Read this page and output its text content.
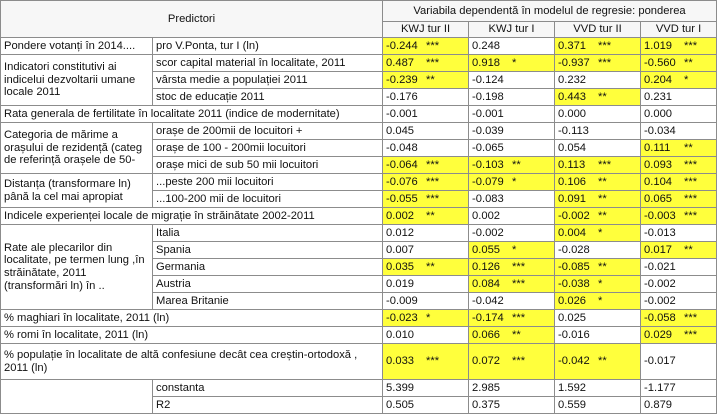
Predictori		Variabila dependentă în modelul de regresie: ponderea			
		KWJ tur II	KWJ tur I	VVD tur II	VVD tur I
Pondere votanți în 2014....	pro V.Ponta, tur I (ln)	-0.244 ***	0.248	0.371 ***	1.019 ***

Indicatori constitutivi ai indicelui dezvoltarii umane locale 2011	scor capital material în localitate, 2011	0.487 ***	0.918 *	-0.937 ***	-0.560 **

	vârsta medie a populației 2011	-0.239 **	-0.124	0.232	0.204 *

	stoc de educație 2011	-0.176	-0.198	0.443 **	0.231

Rata generala de fertilitate în localitate 2011 (indice de modernitate)		-0.001	-0.001	0.000	0.000

Categoria de mărime a orașului de rezidență (categ de referință orașele de 50-	orașe de 200mii de locuitori +	0.045	-0.039	-0.113	-0.034

	orașe de 100 - 200mii locuitori	-0.048	-0.065	0.054	0.111 **

	orașe mici de sub 50 mii locuitori	-0.064 ***	-0.103 **	0.113 ***	0.093 ***

Distanța (transformare ln) până la cel mai apropiat	...peste 200 mii locuitori	-0.076 ***	-0.079 *	0.106 **	0.104 ***

	...100-200 mii de locuitori	-0.055 ***	-0.083	0.091 **	0.065 ***

Indicele experienței locale de migrație în străinătate 2002-2011		0.002 **	0.002	-0.002 **	-0.003 ***

Rate ale plecarilor din localitate, pe termen lung ,în străinătate, 2011 (transformări ln) în ..	Italia	0.012	-0.002	0.004 *	-0.013

	Spania	0.007	0.055 *	-0.028	0.017 **

	Germania	0.035 **	0.126 ***	-0.085 **	-0.021

	Austria	0.019	0.084 ***	-0.038 *	-0.002

	Marea Britanie	-0.009	-0.042	0.026 *	-0.002

% maghiari în localitate, 2011 (ln)		-0.023 *	-0.174 ***	0.025	-0.058 ***

% romi în localitate, 2011 (ln)		0.010	0.066 **	-0.016	0.029 ***

% populație în localitate de altă confesiune decât cea creștin-ortodoxă , 2011 (ln)		0.033 ***	0.072 ***	-0.042 **	-0.017

	constanta	5.399	2.985	1.592	-1.177

	R2	0.505	0.375	0.559	0.879
